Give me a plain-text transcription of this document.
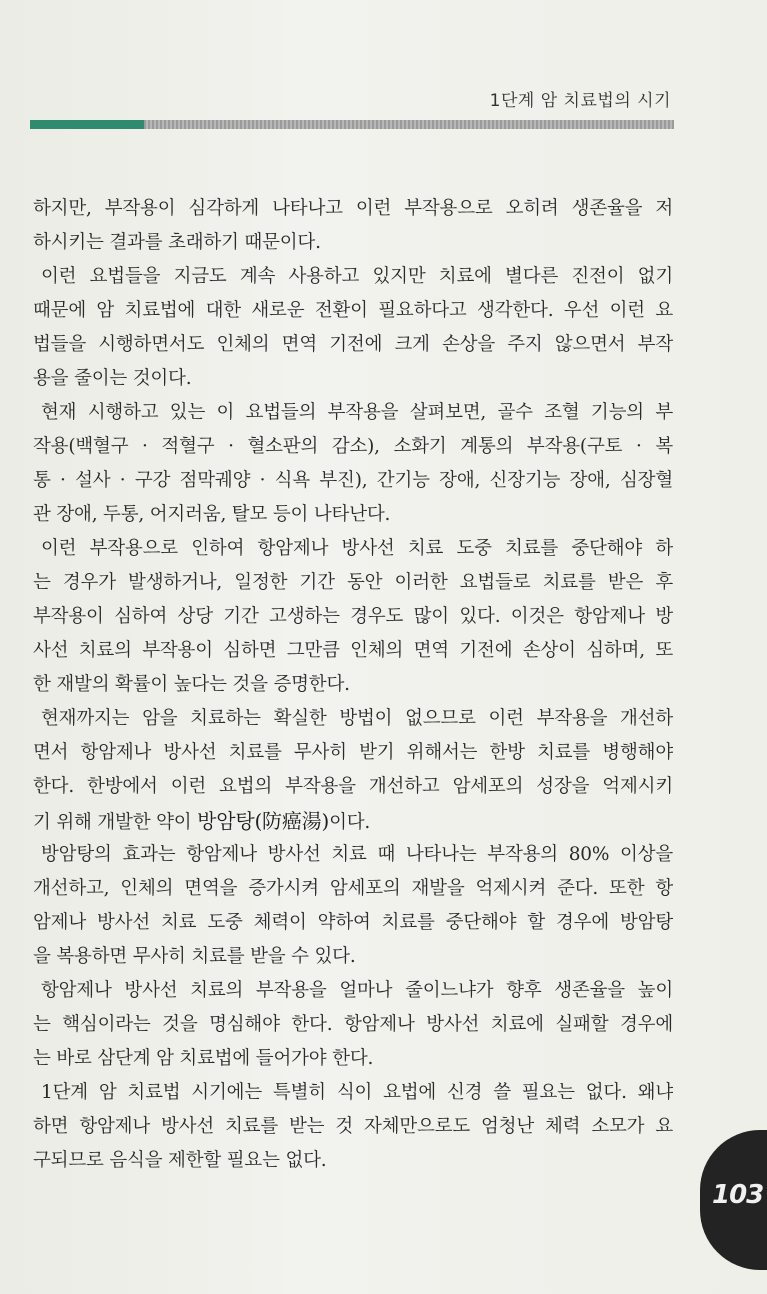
1단계 암 치료법의 시기
하지만, 부작용이 심각하게 나타나고 이런 부작용으로 오히려 생존율을 저
하시키는 결과를 초래하기 때문이다.
이런 요법들을 지금도 계속 사용하고 있지만 치료에 별다른 진전이 없기
때문에 암 치료법에 대한 새로운 전환이 필요하다고 생각한다. 우선 이런 요
법들을 시행하면서도 인체의 면역 기전에 크게 손상을 주지 않으면서 부작
용을 줄이는 것이다.
현재 시행하고 있는 이 요법들의 부작용을 살펴보면, 골수 조혈 기능의 부
작용(백혈구 · 적혈구 · 혈소판의 감소), 소화기 계통의 부작용(구토 · 복
통 · 설사 · 구강 점막궤양 · 식욕 부진), 간기능 장애, 신장기능 장애, 심장혈
관 장애, 두통, 어지러움, 탈모 등이 나타난다.
이런 부작용으로 인하여 항암제나 방사선 치료 도중 치료를 중단해야 하
는 경우가 발생하거나, 일정한 기간 동안 이러한 요법들로 치료를 받은 후
부작용이 심하여 상당 기간 고생하는 경우도 많이 있다. 이것은 항암제나 방
사선 치료의 부작용이 심하면 그만큼 인체의 면역 기전에 손상이 심하며, 또
한 재발의 확률이 높다는 것을 증명한다.
현재까지는 암을 치료하는 확실한 방법이 없으므로 이런 부작용을 개선하
면서 항암제나 방사선 치료를 무사히 받기 위해서는 한방 치료를 병행해야
한다. 한방에서 이런 요법의 부작용을 개선하고 암세포의 성장을 억제시키
기 위해 개발한 약이 방암탕(防癌湯)이다.
방암탕의 효과는 항암제나 방사선 치료 때 나타나는 부작용의 80% 이상을
개선하고, 인체의 면역을 증가시켜 암세포의 재발을 억제시켜 준다. 또한 항
암제나 방사선 치료 도중 체력이 약하여 치료를 중단해야 할 경우에 방암탕
을 복용하면 무사히 치료를 받을 수 있다.
항암제나 방사선 치료의 부작용을 얼마나 줄이느냐가 향후 생존율을 높이
는 핵심이라는 것을 명심해야 한다. 항암제나 방사선 치료에 실패할 경우에
는 바로 삼단계 암 치료법에 들어가야 한다.
1단계 암 치료법 시기에는 특별히 식이 요법에 신경 쓸 필요는 없다. 왜냐
하면 항암제나 방사선 치료를 받는 것 자체만으로도 엄청난 체력 소모가 요
구되므로 음식을 제한할 필요는 없다.
103
